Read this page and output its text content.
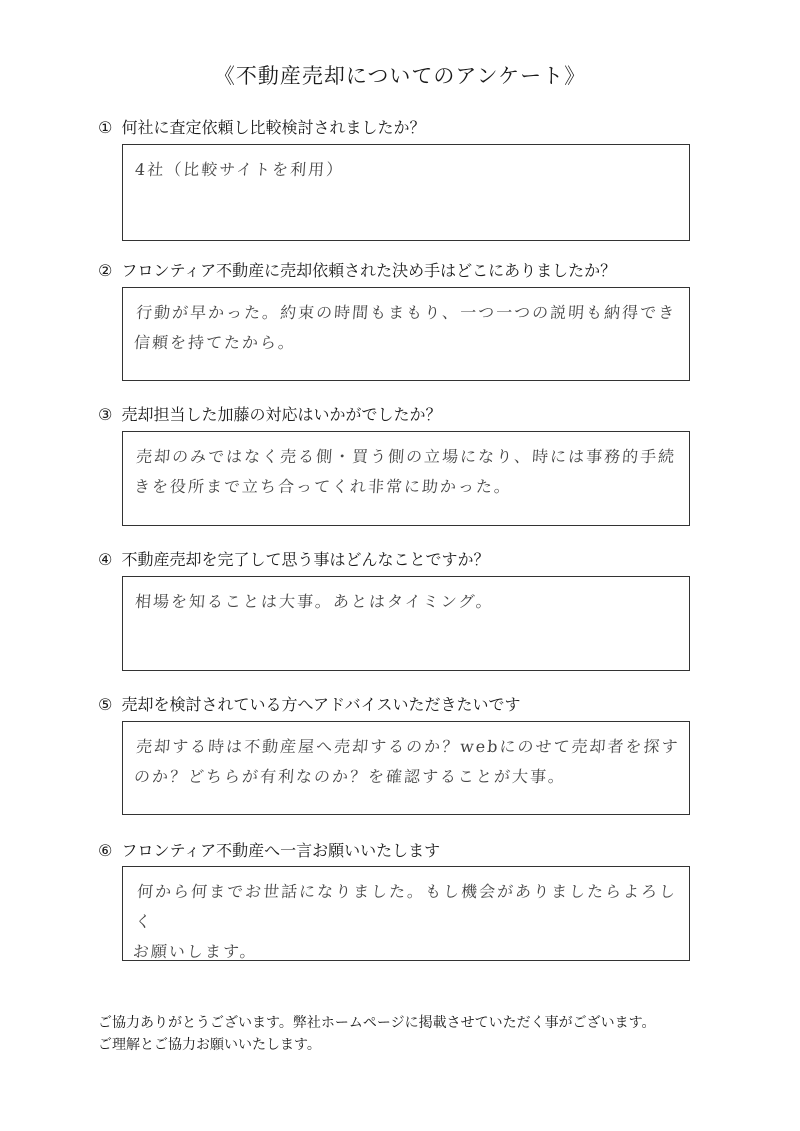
《不動産売却についてのアンケート》
① 何社に査定依頼し比較検討されましたか？
4社（比較サイトを利用）
② フロンティア不動産に売却依頼された決め手はどこにありましたか？
行動が早かった。約束の時間もまもり、一つ一つの説明も納得でき
信頼を持てたから。
③ 売却担当した加藤の対応はいかがでしたか？
売却のみではなく売る側・買う側の立場になり、時には事務的手続
きを役所まで立ち合ってくれ非常に助かった。
④ 不動産売却を完了して思う事はどんなことですか？
相場を知ることは大事。あとはタイミング。
⑤ 売却を検討されている方へアドバイスいただきたいです
売却する時は不動産屋へ売却するのか？webにのせて売却者を探す
のか？どちらが有利なのか？を確認することが大事。
⑥ フロンティア不動産へ一言お願いいたします
何から何までお世話になりました。もし機会がありましたらよろしく
お願いします。
ご協力ありがとうございます。弊社ホームページに掲載させていただく事がございます。
ご理解とご協力お願いいたします。
